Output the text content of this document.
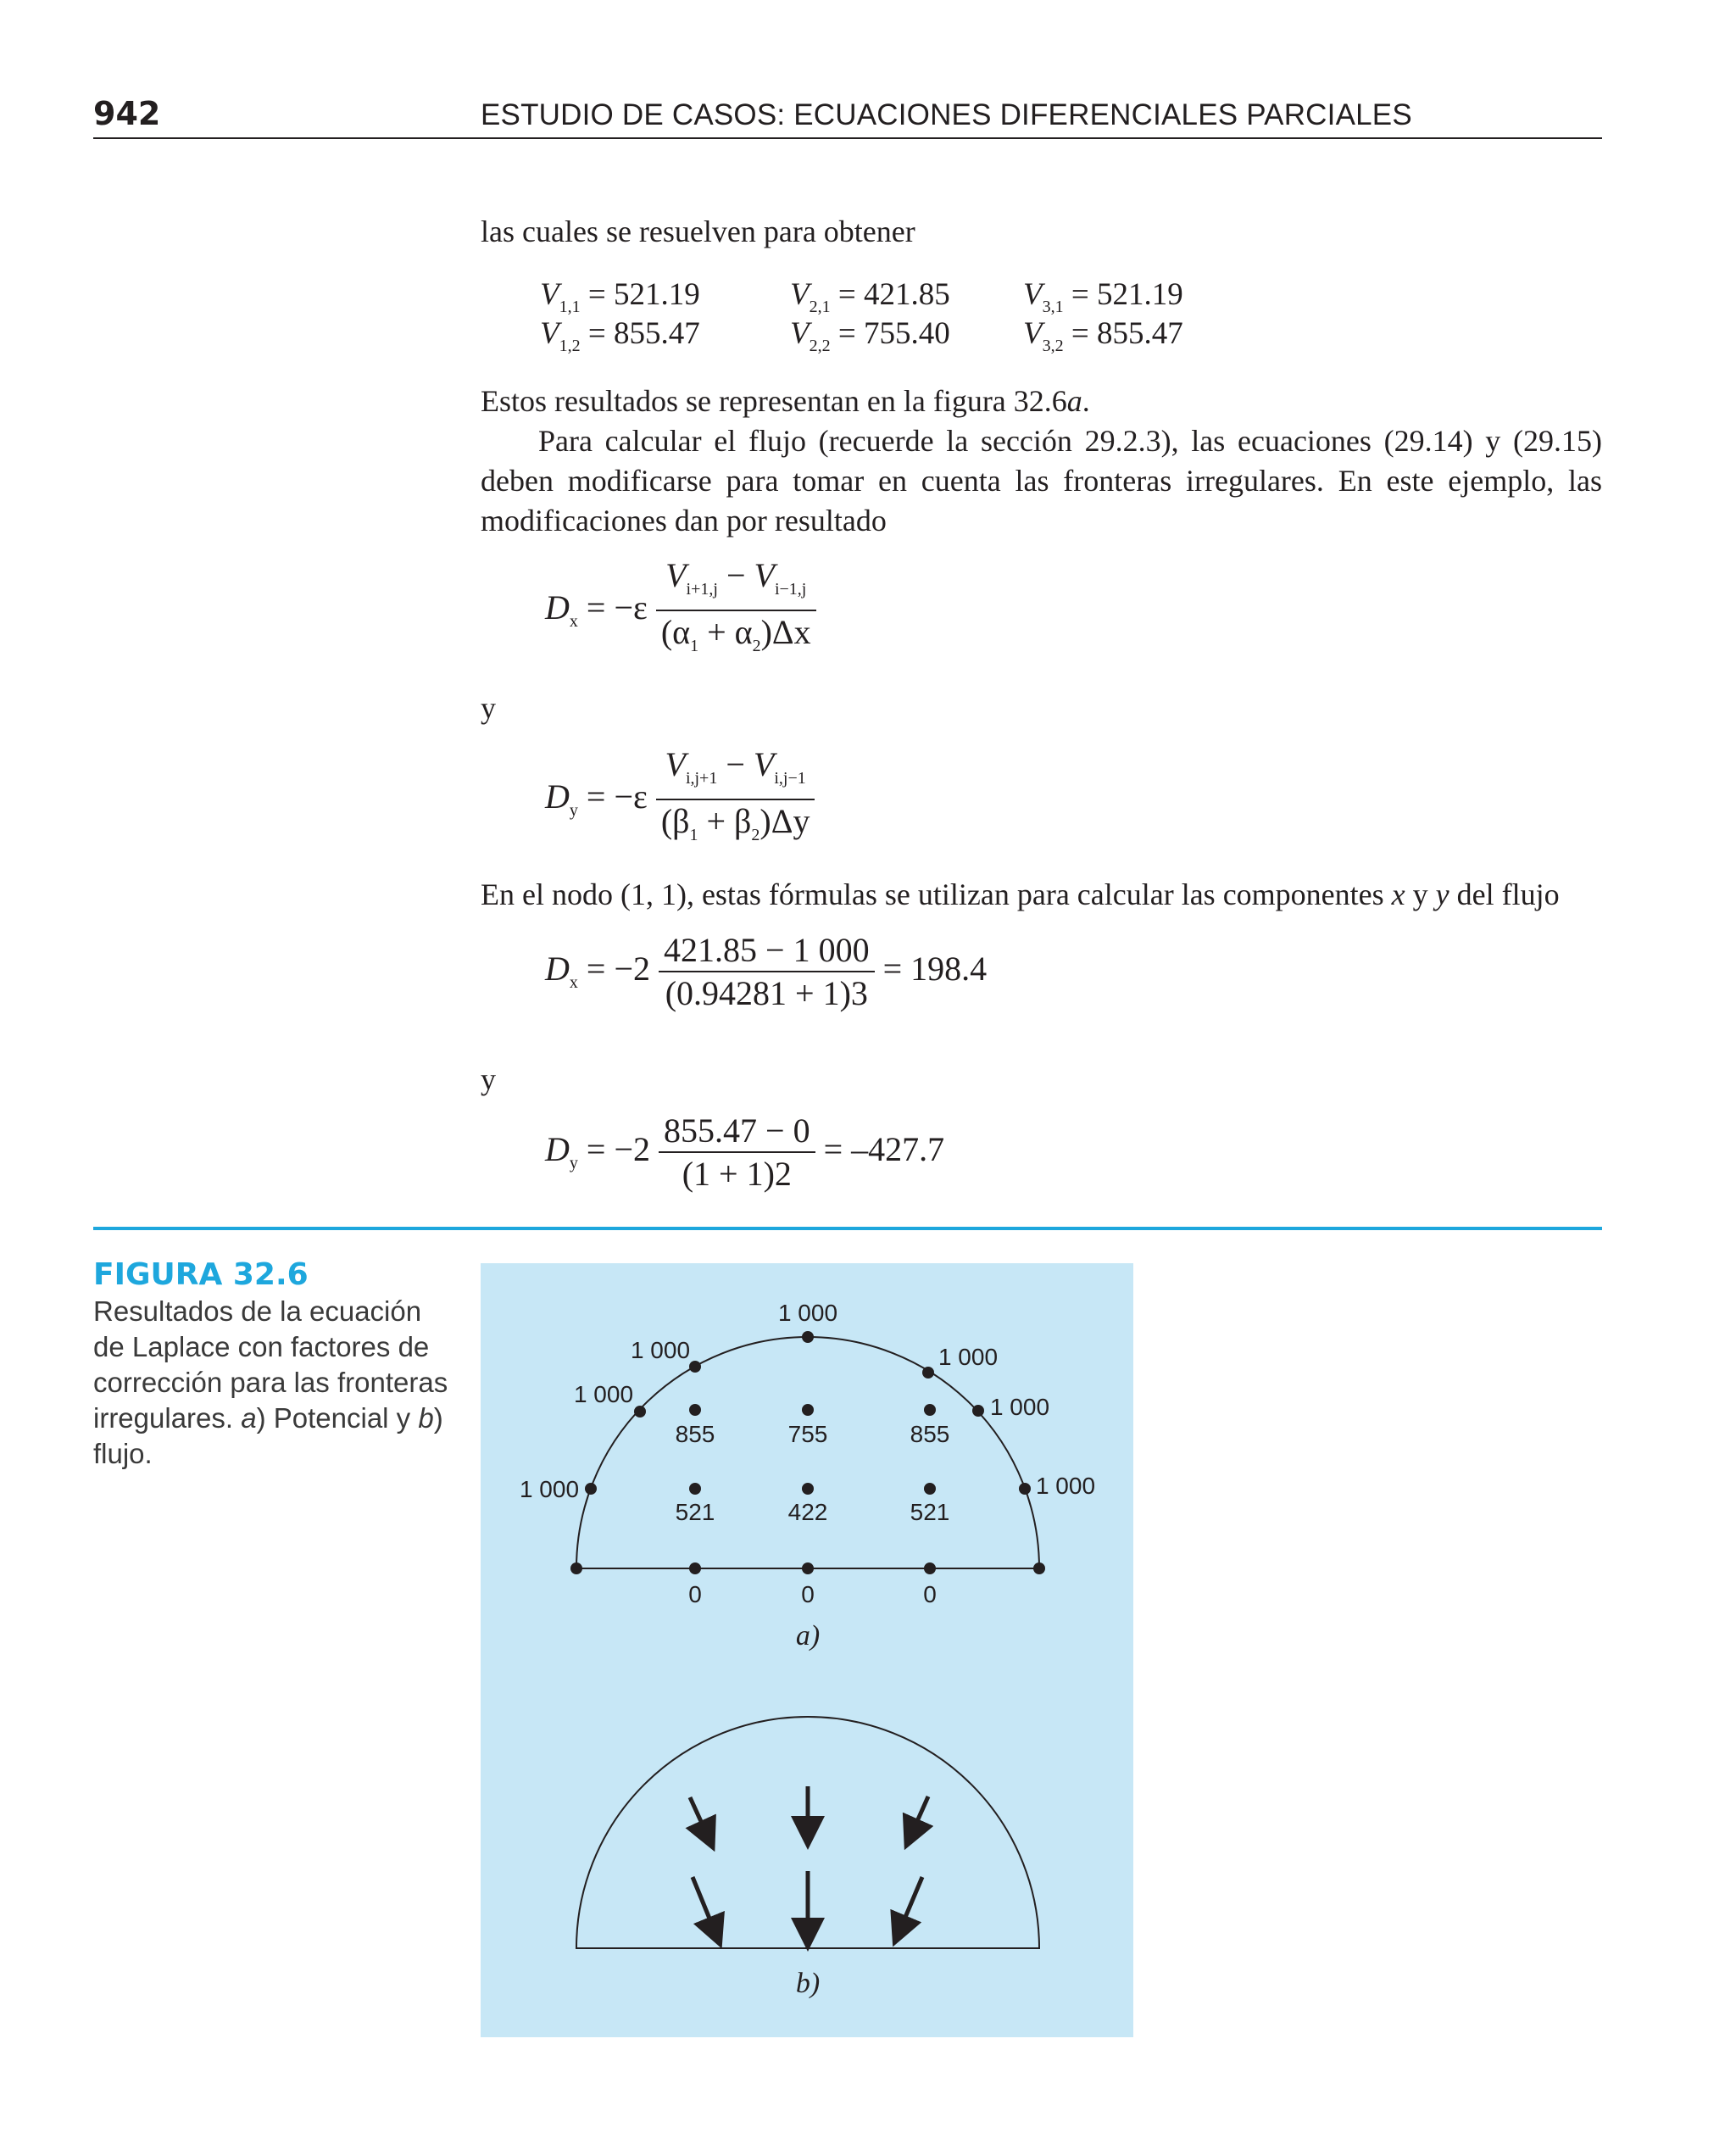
942	ESTUDIO DE CASOS: ECUACIONES DIFERENCIALES PARCIALES
las cuales se resuelven para obtener
$V_{1,1} = 521.19$	$V_{2,1} = 421.85$ $V_{3,1} = 521.19$
$V_{1,2} = 855.47$	$V_{2,2} = 755.40$ $V_{3,2} = 855.47$
Estos resultados se representan en la figura 32.6a.
Para calcular el flujo (recuerde la sección 29.2.3), las ecuaciones (29.14) y (29.15) deben modificarse para tomar en cuenta las fronteras irregulares. En este ejemplo, las modificaciones dan por resultado
$D_x = -\varepsilon \frac{V_{i+1,j} - V_{i-1,j}}{(\alpha_1 + \alpha_2)\Delta x}$
y
$D_y = -\varepsilon \frac{V_{i,j+1} - V_{i,j-1}}{(\beta_1 + \beta_2)\Delta y}$
En el nodo (1, 1), estas fórmulas se utilizan para calcular las componentes x y y del flujo
$D_x = -2 \frac{421.85 - 1 000}{(0.94281 + 1)3} = 198.4$
y
$D_y = -2 \frac{855.47 - 0}{(1 + 1)2} = -427.7$
FIGURA 32.6
Resultados de la ecuación de Laplace con factores de corrección para las fronteras irregulares. a) Potencial y b) flujo.
1 000
1 000	1 000
1 000	1 000
1 000	1 000
855	755	855
521	422	521
0	0	0
a)
b)
